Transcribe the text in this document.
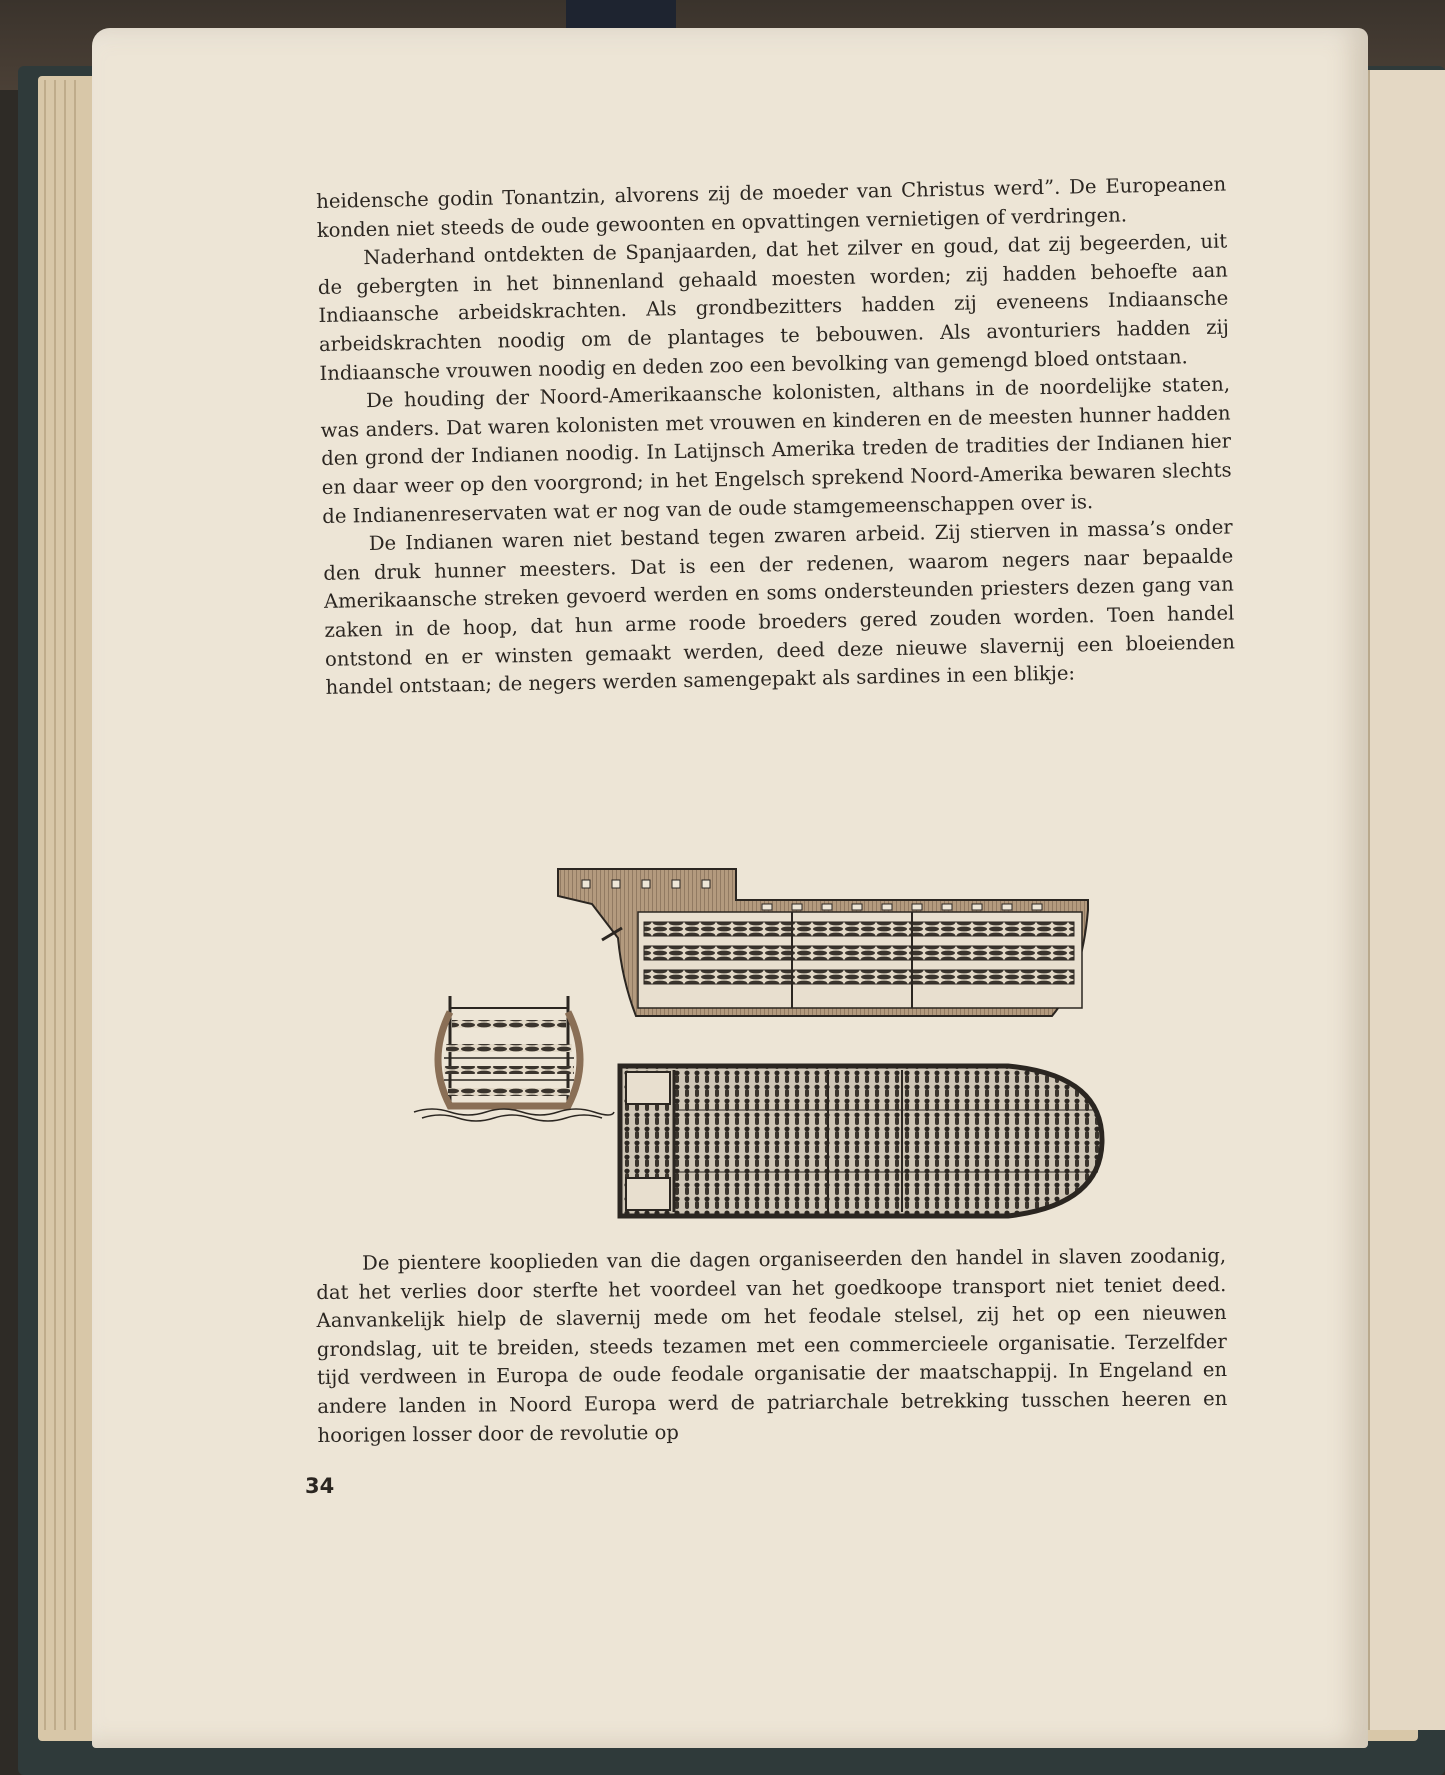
heidensche godin Tonantzin, alvorens zij de moeder van Christus werd”. De Europeanen konden niet steeds de oude gewoonten en opvattingen vernietigen of verdringen.

Naderhand ontdekten de Spanjaarden, dat het zilver en goud, dat zij begeerden, uit de gebergten in het binnenland gehaald moesten worden; zij hadden behoefte aan Indiaansche arbeidskrachten. Als grondbezitters hadden zij eveneens Indiaansche arbeidskrachten noodig om de plantages te bebouwen. Als avonturiers hadden zij Indiaansche vrouwen noodig en deden zoo een bevolking van gemengd bloed ontstaan.

De houding der Noord-Amerikaansche kolonisten, althans in de noordelijke staten, was anders. Dat waren kolonisten met vrouwen en kinderen en de meesten hunner hadden den grond der Indianen noodig. In Latijnsch Amerika treden de tradities der Indianen hier en daar weer op den voorgrond; in het Engelsch sprekend Noord-Amerika bewaren slechts de Indianenreservaten wat er nog van de oude stamgemeenschappen over is.

De Indianen waren niet bestand tegen zwaren arbeid. Zij stierven in massa’s onder den druk hunner meesters. Dat is een der redenen, waarom negers naar bepaalde Amerikaansche streken gevoerd werden en soms ondersteunden priesters dezen gang van zaken in de hoop, dat hun arme roode broeders gered zouden worden. Toen handel ontstond en er winsten gemaakt werden, deed deze nieuwe slavernij een bloeienden handel ontstaan; de negers werden samengepakt als sardines in een blikje:

De pientere kooplieden van die dagen organiseerden den handel in slaven zoodanig, dat het verlies door sterfte het voordeel van het goedkoope transport niet teniet deed. Aanvankelijk hielp de slavernij mede om het feodale stelsel, zij het op een nieuwen grondslag, uit te breiden, steeds tezamen met een commercieele organisatie. Terzelfder tijd verdween in Europa de oude feodale organisatie der maatschappij. In Engeland en andere landen in Noord Europa werd de patriarchale betrekking tusschen heeren en hoorigen losser door de revolutie op

34
